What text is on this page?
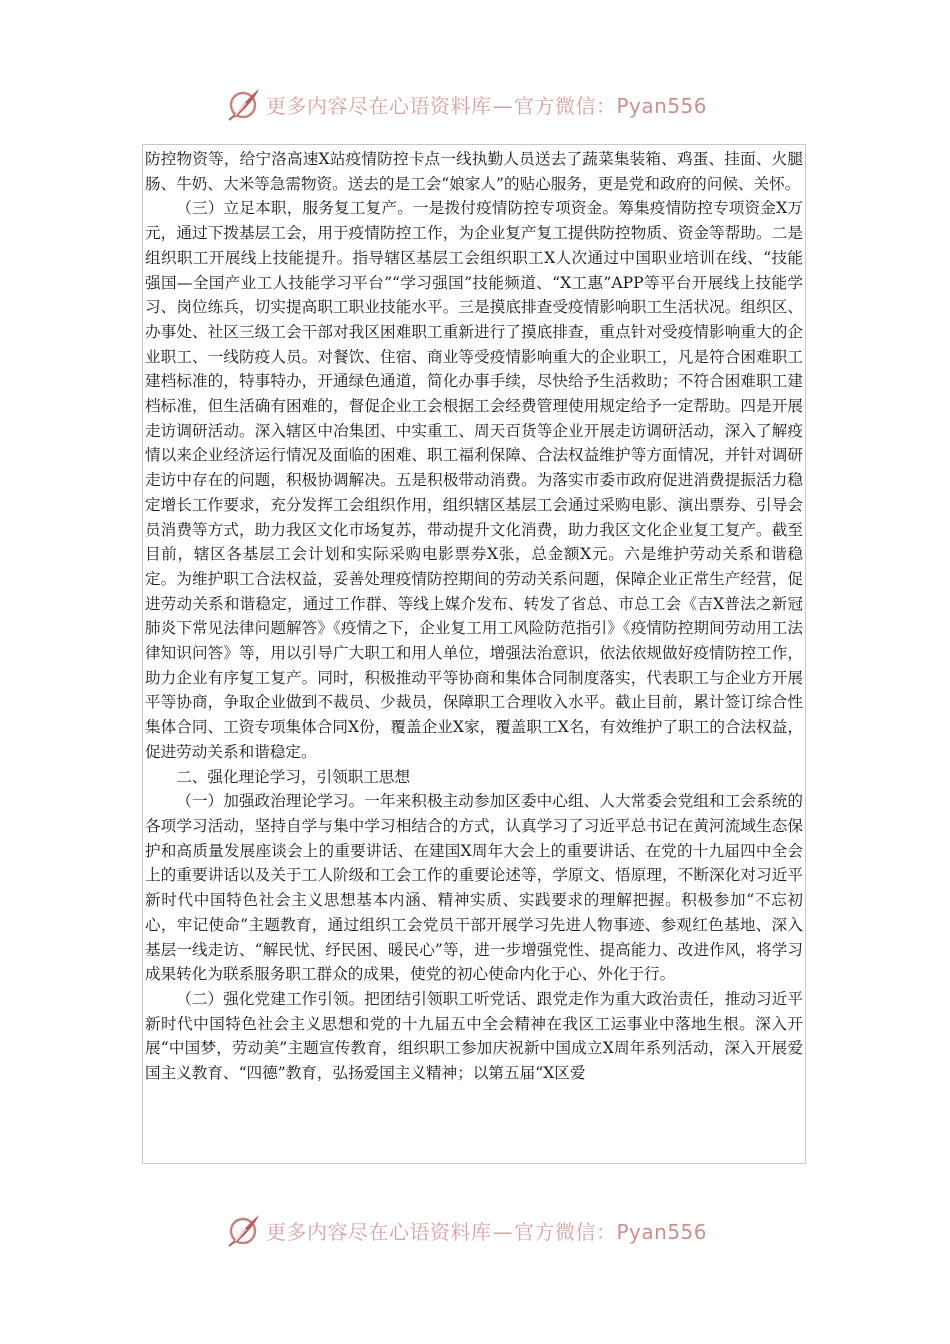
更多内容尽在心语资料库—官方微信：Pyan556

防控物资等，给宁洛高速X站疫情防控卡点一线执勤人员送去了蔬菜集装箱、鸡蛋、挂面、火腿肠、牛奶、大米等急需物资。送去的是工会“娘家人”的贴心服务，更是党和政府的问候、关怀。

（三）立足本职，服务复工复产。一是拨付疫情防控专项资金。筹集疫情防控专项资金X万元，通过下拨基层工会，用于疫情防控工作，为企业复产复工提供防控物质、资金等帮助。二是组织职工开展线上技能提升。指导辖区基层工会组织职工X人次通过中国职业培训在线、“技能强国—全国产业工人技能学习平台”“学习强国”技能频道、“X工惠”APP等平台开展线上技能学习、岗位练兵，切实提高职工职业技能水平。三是摸底排查受疫情影响职工生活状况。组织区、办事处、社区三级工会干部对我区困难职工重新进行了摸底排查，重点针对受疫情影响重大的企业职工、一线防疫人员。对餐饮、住宿、商业等受疫情影响重大的企业职工，凡是符合困难职工建档标准的，特事特办，开通绿色通道，简化办事手续，尽快给予生活救助；不符合困难职工建档标准，但生活确有困难的，督促企业工会根据工会经费管理使用规定给予一定帮助。四是开展走访调研活动。深入辖区中冶集团、中实重工、周天百货等企业开展走访调研活动，深入了解疫情以来企业经济运行情况及面临的困难、职工福利保障、合法权益维护等方面情况，并针对调研走访中存在的问题，积极协调解决。五是积极带动消费。为落实市委市政府促进消费提振活力稳定增长工作要求，充分发挥工会组织作用，组织辖区基层工会通过采购电影、演出票券、引导会员消费等方式，助力我区文化市场复苏，带动提升文化消费，助力我区文化企业复工复产。截至目前，辖区各基层工会计划和实际采购电影票券X张，总金额X元。六是维护劳动关系和谐稳定。为维护职工合法权益，妥善处理疫情防控期间的劳动关系问题，保障企业正常生产经营，促进劳动关系和谐稳定，通过工作群、等线上媒介发布、转发了省总、市总工会《吉X普法之新冠肺炎下常见法律问题解答》《疫情之下，企业复工用工风险防范指引》《疫情防控期间劳动用工法律知识问答》等，用以引导广大职工和用人单位，增强法治意识，依法依规做好疫情防控工作，助力企业有序复工复产。同时，积极推动平等协商和集体合同制度落实，代表职工与企业方开展平等协商，争取企业做到不裁员、少裁员，保障职工合理收入水平。截止目前，累计签订综合性集体合同、工资专项集体合同X份，覆盖企业X家，覆盖职工X名，有效维护了职工的合法权益，促进劳动关系和谐稳定。

二、强化理论学习，引领职工思想

（一）加强政治理论学习。一年来积极主动参加区委中心组、人大常委会党组和工会系统的各项学习活动，坚持自学与集中学习相结合的方式，认真学习了习近平总书记在黄河流域生态保护和高质量发展座谈会上的重要讲话、在建国X周年大会上的重要讲话、在党的十九届四中全会上的重要讲话以及关于工人阶级和工会工作的重要论述等，学原文、悟原理，不断深化对习近平新时代中国特色社会主义思想基本内涵、精神实质、实践要求的理解把握。积极参加“不忘初心，牢记使命”主题教育，通过组织工会党员干部开展学习先进人物事迹、参观红色基地、深入基层一线走访、“解民忧、纾民困、暖民心”等，进一步增强党性、提高能力、改进作风，将学习成果转化为联系服务职工群众的成果，使党的初心使命内化于心、外化于行。

（二）强化党建工作引领。把团结引领职工听党话、跟党走作为重大政治责任，推动习近平新时代中国特色社会主义思想和党的十九届五中全会精神在我区工运事业中落地生根。深入开展“中国梦，劳动美”主题宣传教育，组织职工参加庆祝新中国成立X周年系列活动，深入开展爱国主义教育、“四德”教育，弘扬爱国主义精神；以第五届“X区爱

更多内容尽在心语资料库—官方微信：Pyan556
